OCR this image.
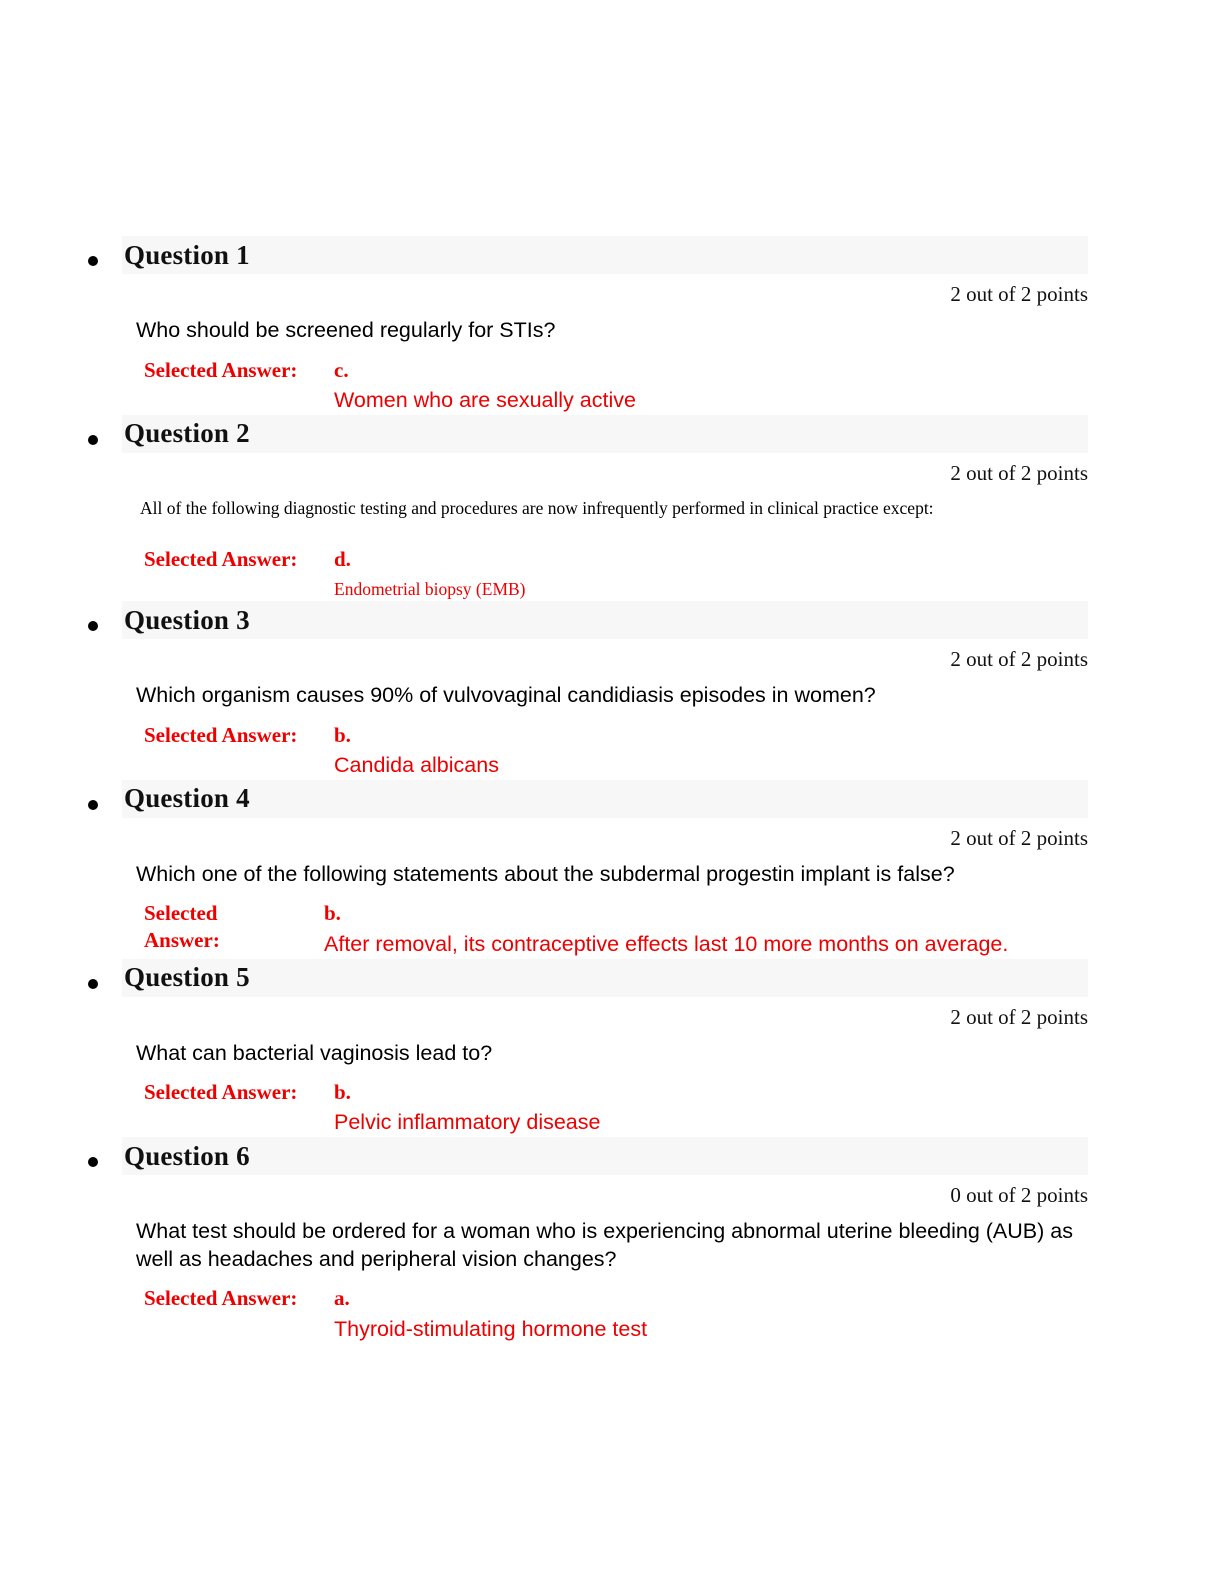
Question 1
2 out of 2 points
Who should be screened regularly for STIs?
Selected Answer:	c.
Women who are sexually active
Question 2
2 out of 2 points
All of the following diagnostic testing and procedures are now infrequently performed in clinical practice except:
Selected Answer:	d.
Endometrial biopsy (EMB)
Question 3
2 out of 2 points
Which organism causes 90% of vulvovaginal candidiasis episodes in women?
Selected Answer:	b.
Candida albicans
Question 4
2 out of 2 points
Which one of the following statements about the subdermal progestin implant is false?
Selected
Answer:
b.
After removal, its contraceptive effects last 10 more months on average.
Question 5
2 out of 2 points
What can bacterial vaginosis lead to?
Selected Answer:	b.
Pelvic inflammatory disease
Question 6
0 out of 2 points
What test should be ordered for a woman who is experiencing abnormal uterine bleeding (AUB) as well as headaches and peripheral vision changes?
Selected Answer:	a.
Thyroid-stimulating hormone test
